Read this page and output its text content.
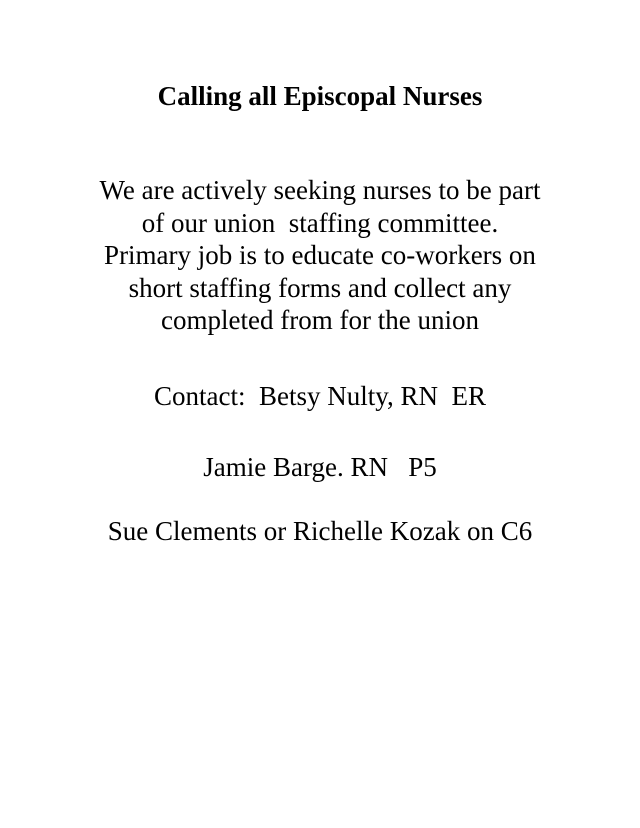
Calling all Episcopal Nurses

We are actively seeking nurses to be part
of our union  staffing committee.
Primary job is to educate co-workers on
short staffing forms and collect any
completed from for the union

Contact:  Betsy Nulty, RN  ER

Jamie Barge. RN   P5

Sue Clements or Richelle Kozak on C6
